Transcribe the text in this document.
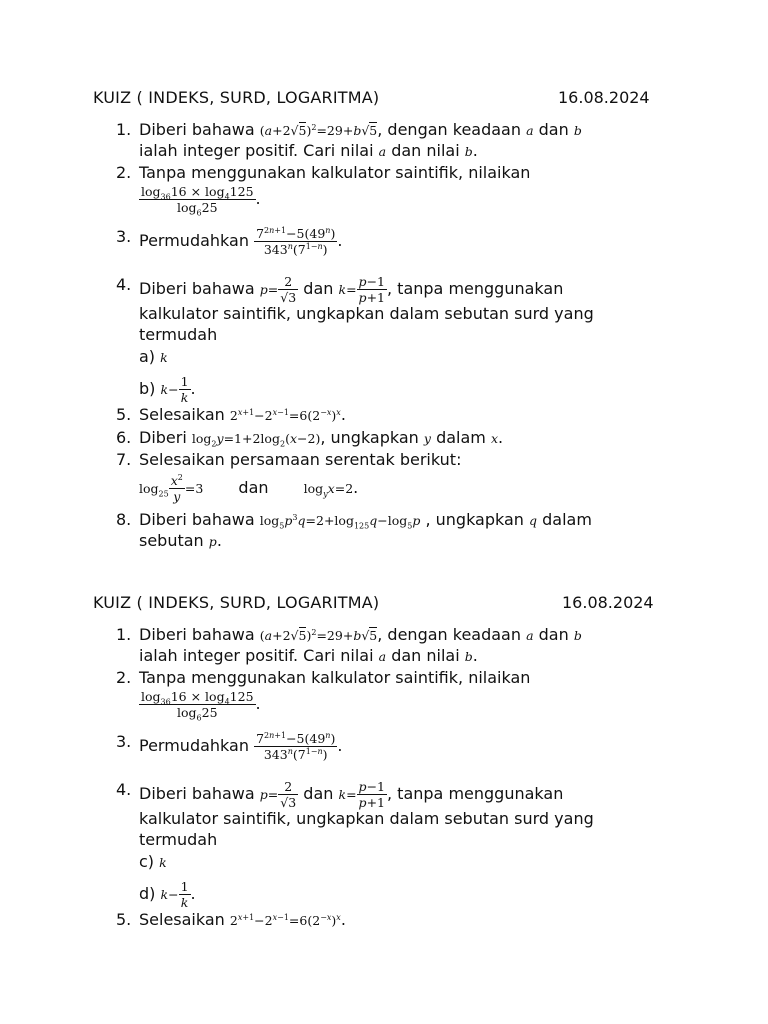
KUIZ ( INDEKS, SURD, LOGARITMA)	16.08.2024
1. Diberi bahawa $(a+2√5)^2=29+b√5$, dengan keadaan a dan b
ialah integer positif. Cari nilai a dan nilai b.
2. Tanpa menggunakan kalkulator saintifik, nilaikan
$\frac{\log_{36}16 \times \log_4125}{\log_625}$ .
3. Permudahkan $\frac{7^{2n+1}-5(49^n)}{343^n(7^{1-n})}$ .
4. Diberi bahawa $p= \frac{2}{√3}$ dan $k= \frac{p-1}{p+1}$ , tanpa menggunakan
kalkulator saintifik, ungkapkan dalam sebutan surd yang
termudah
a) k
b) $k- \frac{1}{k}$ .
5. Selesaikan $2^{x+1}-2^{x-1}=6(2^{-x})^x$.
6. Diberi $\log_2y=1+2\log_2(x-2)$, ungkapkan y dalam x.
7. Selesaikan persamaan serentak berikut:
$\log_{25} \frac{x^2}{y} =3$ dan	$\log_yx=2$.
8. Diberi bahawa $\log_5p^3q=2+\log_{125}q-\log_5p$ , ungkapkan q dalam
sebutan p.
KUIZ ( INDEKS, SURD, LOGARITMA)	16.08.2024
1. Diberi bahawa $(a+2√5)^2=29+b√5$, dengan keadaan a dan b
ialah integer positif. Cari nilai a dan nilai b.
2. Tanpa menggunakan kalkulator saintifik, nilaikan
$\frac{\log_{36}16 \times \log_4125}{\log_625}$ .
3. Permudahkan $\frac{7^{2n+1}-5(49^n)}{343^n(7^{1-n})}$ .
4. Diberi bahawa $p= \frac{2}{√3}$ dan $k= \frac{p-1}{p+1}$ , tanpa menggunakan
kalkulator saintifik, ungkapkan dalam sebutan surd yang
termudah
c) k
d) $k- \frac{1}{k}$ .
5. Selesaikan $2^{x+1}-2^{x-1}=6(2^{-x})^x$.
